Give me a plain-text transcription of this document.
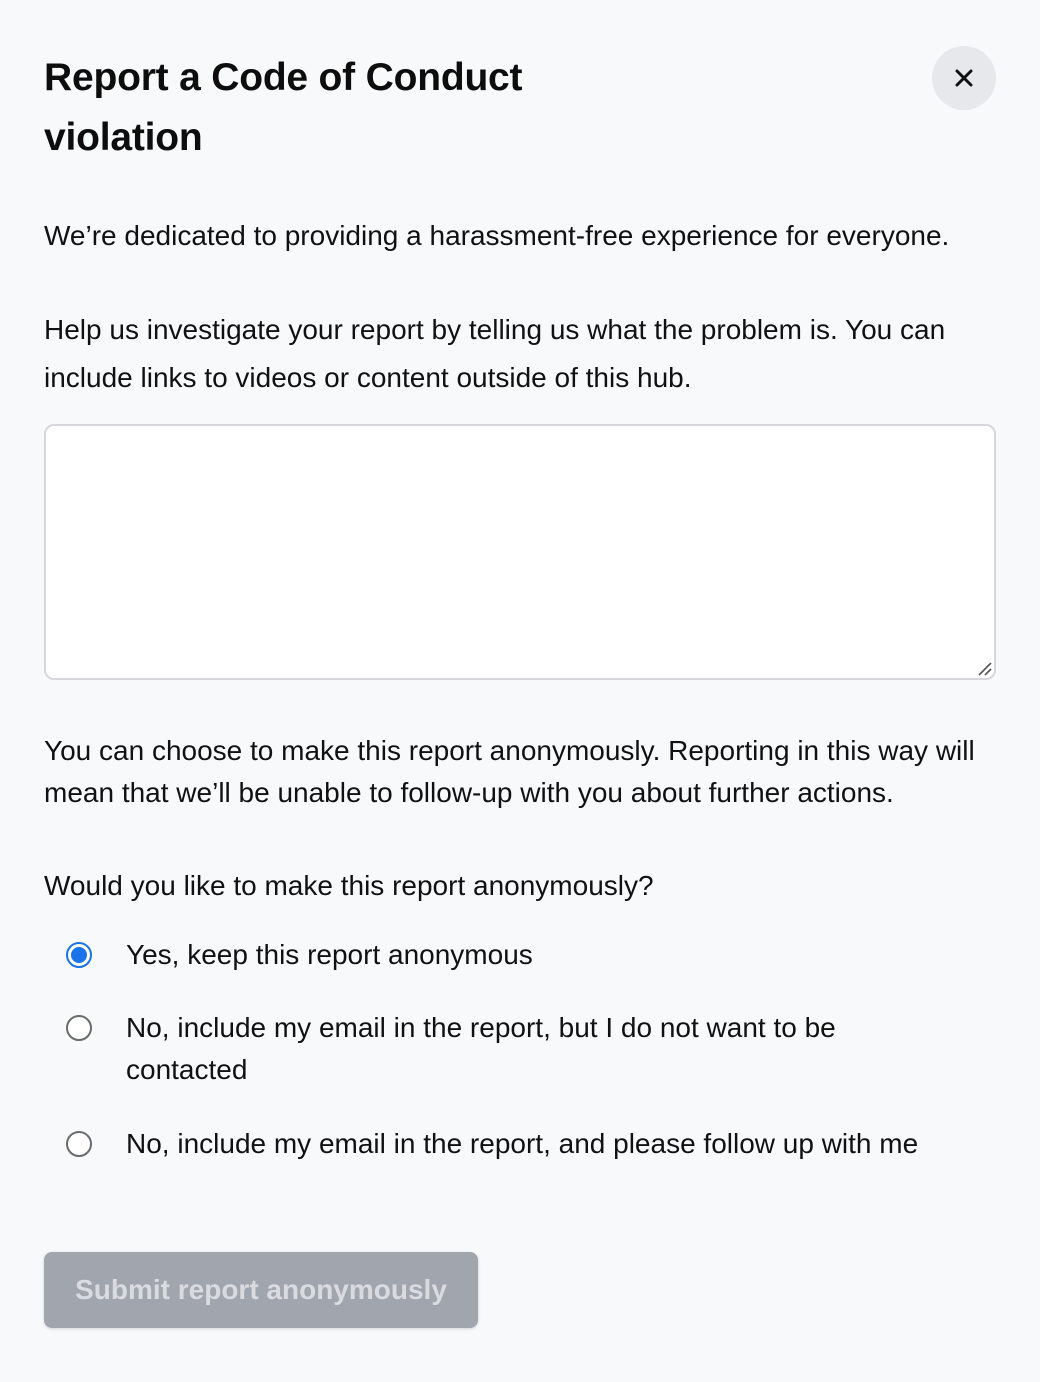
Report a Code of Conduct violation

We’re dedicated to providing a harassment-free experience for everyone.

Help us investigate your report by telling us what the problem is. You can include links to videos or content outside of this hub.

You can choose to make this report anonymously. Reporting in this way will mean that we’ll be unable to follow-up with you about further actions.

Would you like to make this report anonymously?

Yes, keep this report anonymous
No, include my email in the report, but I do not want to be contacted
No, include my email in the report, and please follow up with me
Submit report anonymously
